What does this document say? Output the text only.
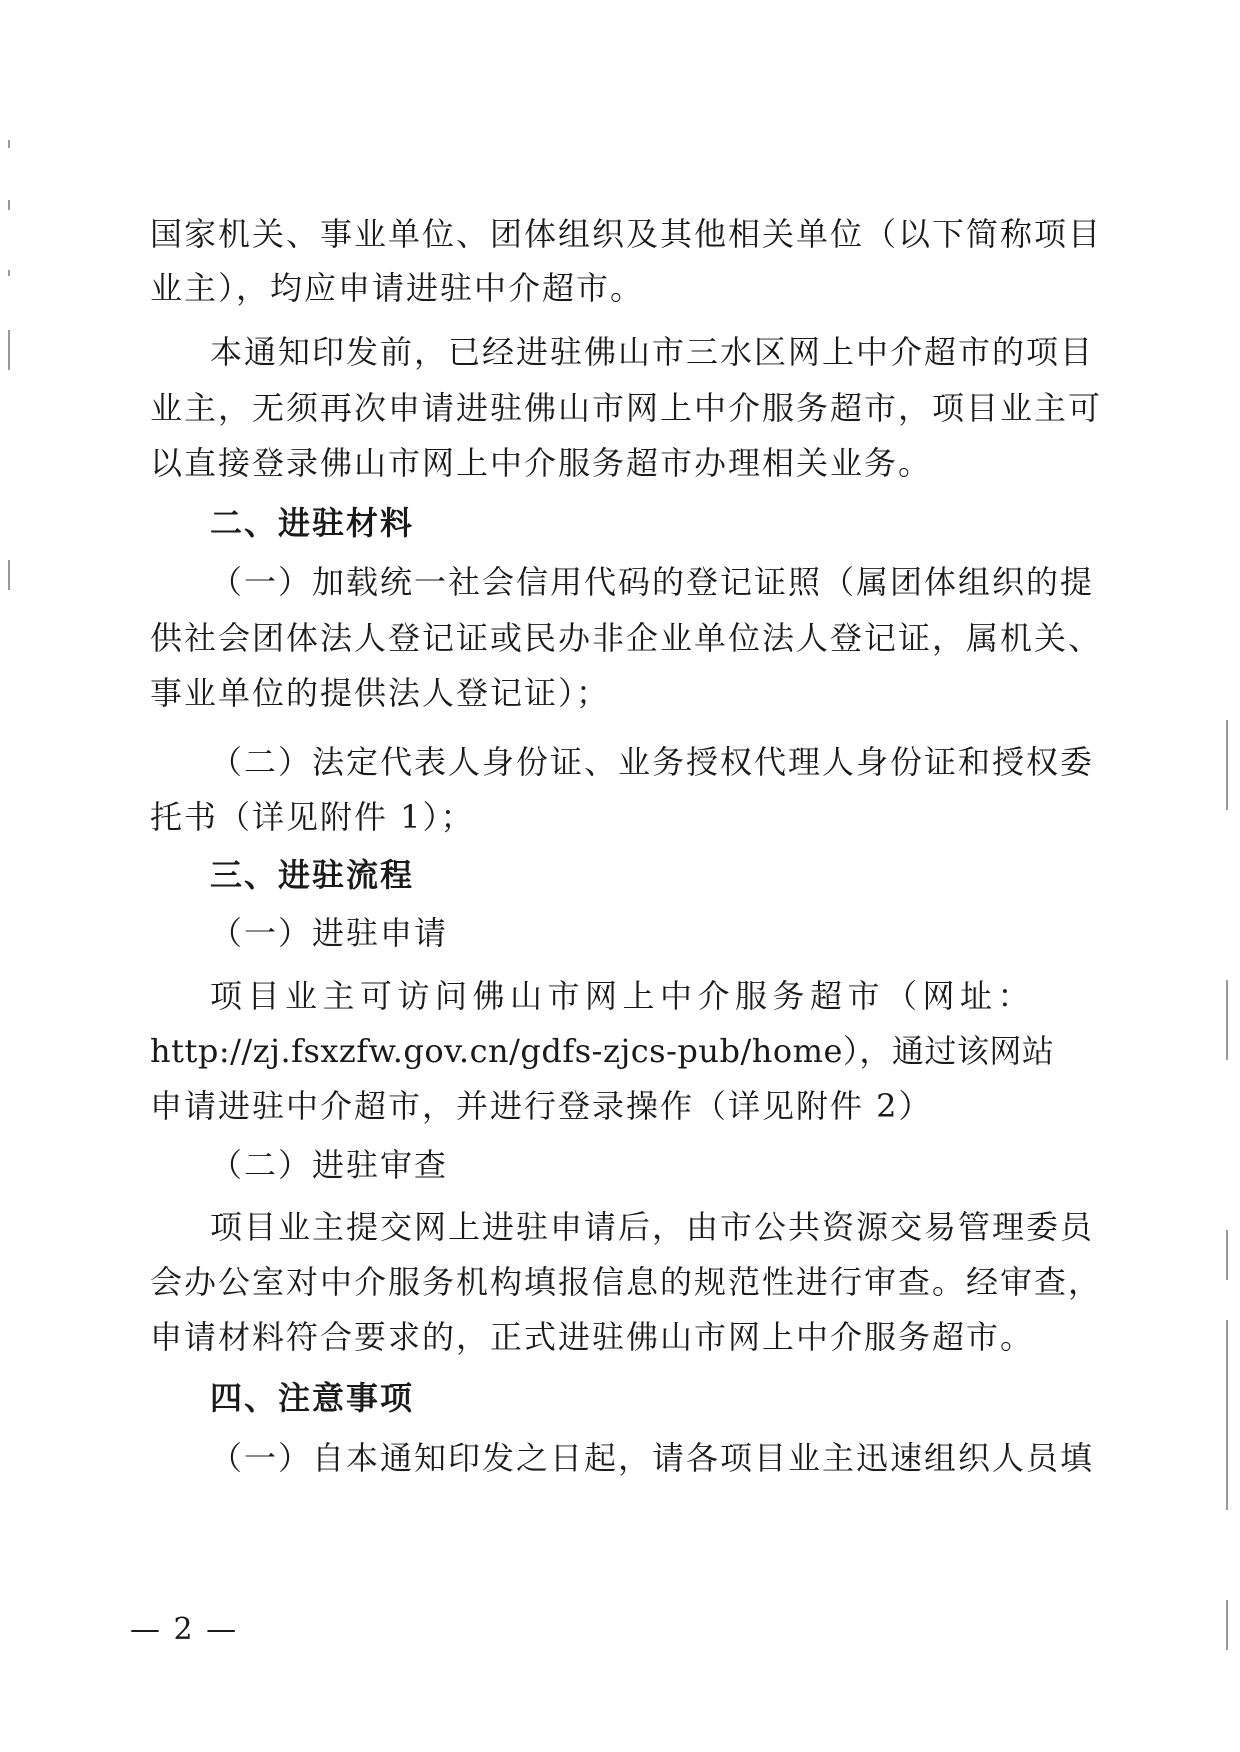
国家机关、事业单位、团体组织及其他相关单位（以下简称项目
业主），均应申请进驻中介超市。
本通知印发前，已经进驻佛山市三水区网上中介超市的项目
业主，无须再次申请进驻佛山市网上中介服务超市，项目业主可
以直接登录佛山市网上中介服务超市办理相关业务。
二、进驻材料
（一）加载统一社会信用代码的登记证照（属团体组织的提
供社会团体法人登记证或民办非企业单位法人登记证，属机关、
事业单位的提供法人登记证）；
（二）法定代表人身份证、业务授权代理人身份证和授权委
托书（详见附件 1）；
三、进驻流程
（一）进驻申请
项目业主可访问佛山市网上中介服务超市（网址：
http://zj.fsxzfw.gov.cn/gdfs-zjcs-pub/home），通过该网站
申请进驻中介超市，并进行登录操作（详见附件 2）
（二）进驻审查
项目业主提交网上进驻申请后，由市公共资源交易管理委员
会办公室对中介服务机构填报信息的规范性进行审查。经审查，
申请材料符合要求的，正式进驻佛山市网上中介服务超市。
四、注意事项
（一）自本通知印发之日起，请各项目业主迅速组织人员填
— 2 —
